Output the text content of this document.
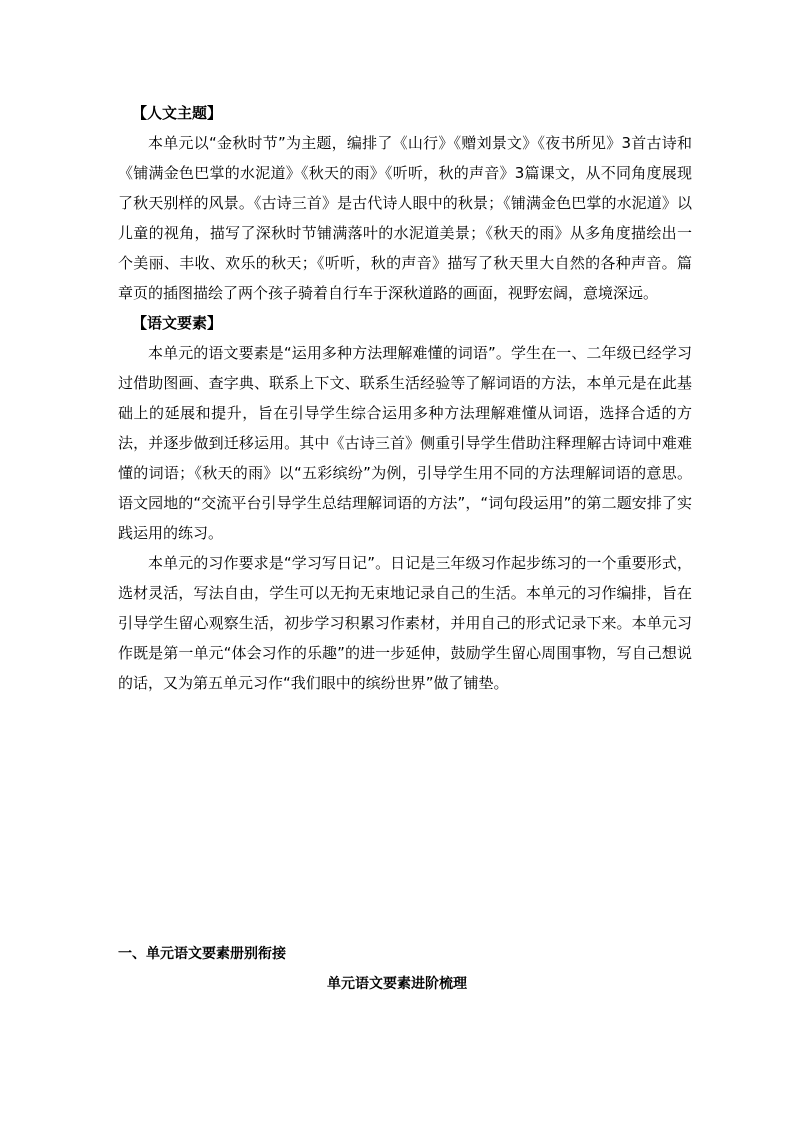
【人文主题】

本单元以“金秋时节”为主题，编排了《山行》《赠刘景文》《夜书所见》3首古诗和《铺满金色巴掌的水泥道》《秋天的雨》《听听，秋的声音》3篇课文，从不同角度展现了秋天别样的风景。《古诗三首》是古代诗人眼中的秋景；《铺满金色巴掌的水泥道》以儿童的视角，描写了深秋时节铺满落叶的水泥道美景；《秋天的雨》从多角度描绘出一个美丽、丰收、欢乐的秋天；《听听，秋的声音》描写了秋天里大自然的各种声音。篇章页的插图描绘了两个孩子骑着自行车于深秋道路的画面，视野宏阔，意境深远。

【语文要素】

本单元的语文要素是“运用多种方法理解难懂的词语”。学生在一、二年级已经学习过借助图画、查字典、联系上下文、联系生活经验等了解词语的方法，本单元是在此基础上的延展和提升，旨在引导学生综合运用多种方法理解难懂从词语，选择合适的方法，并逐步做到迁移运用。其中《古诗三首》侧重引导学生借助注释理解古诗词中难难懂的词语；《秋天的雨》以“五彩缤纷”为例，引导学生用不同的方法理解词语的意思。语文园地的“交流平台引导学生总结理解词语的方法”，“词句段运用”的第二题安排了实践运用的练习。

本单元的习作要求是“学习写日记”。日记是三年级习作起步练习的一个重要形式，选材灵活，写法自由，学生可以无拘无束地记录自己的生活。本单元的习作编排，旨在引导学生留心观察生活，初步学习积累习作素材，并用自己的形式记录下来。本单元习作既是第一单元“体会习作的乐趣”的进一步延伸，鼓励学生留心周围事物，写自己想说的话，又为第五单元习作“我们眼中的缤纷世界”做了铺垫。

一、单元语文要素册别衔接

单元语文要素进阶梳理
